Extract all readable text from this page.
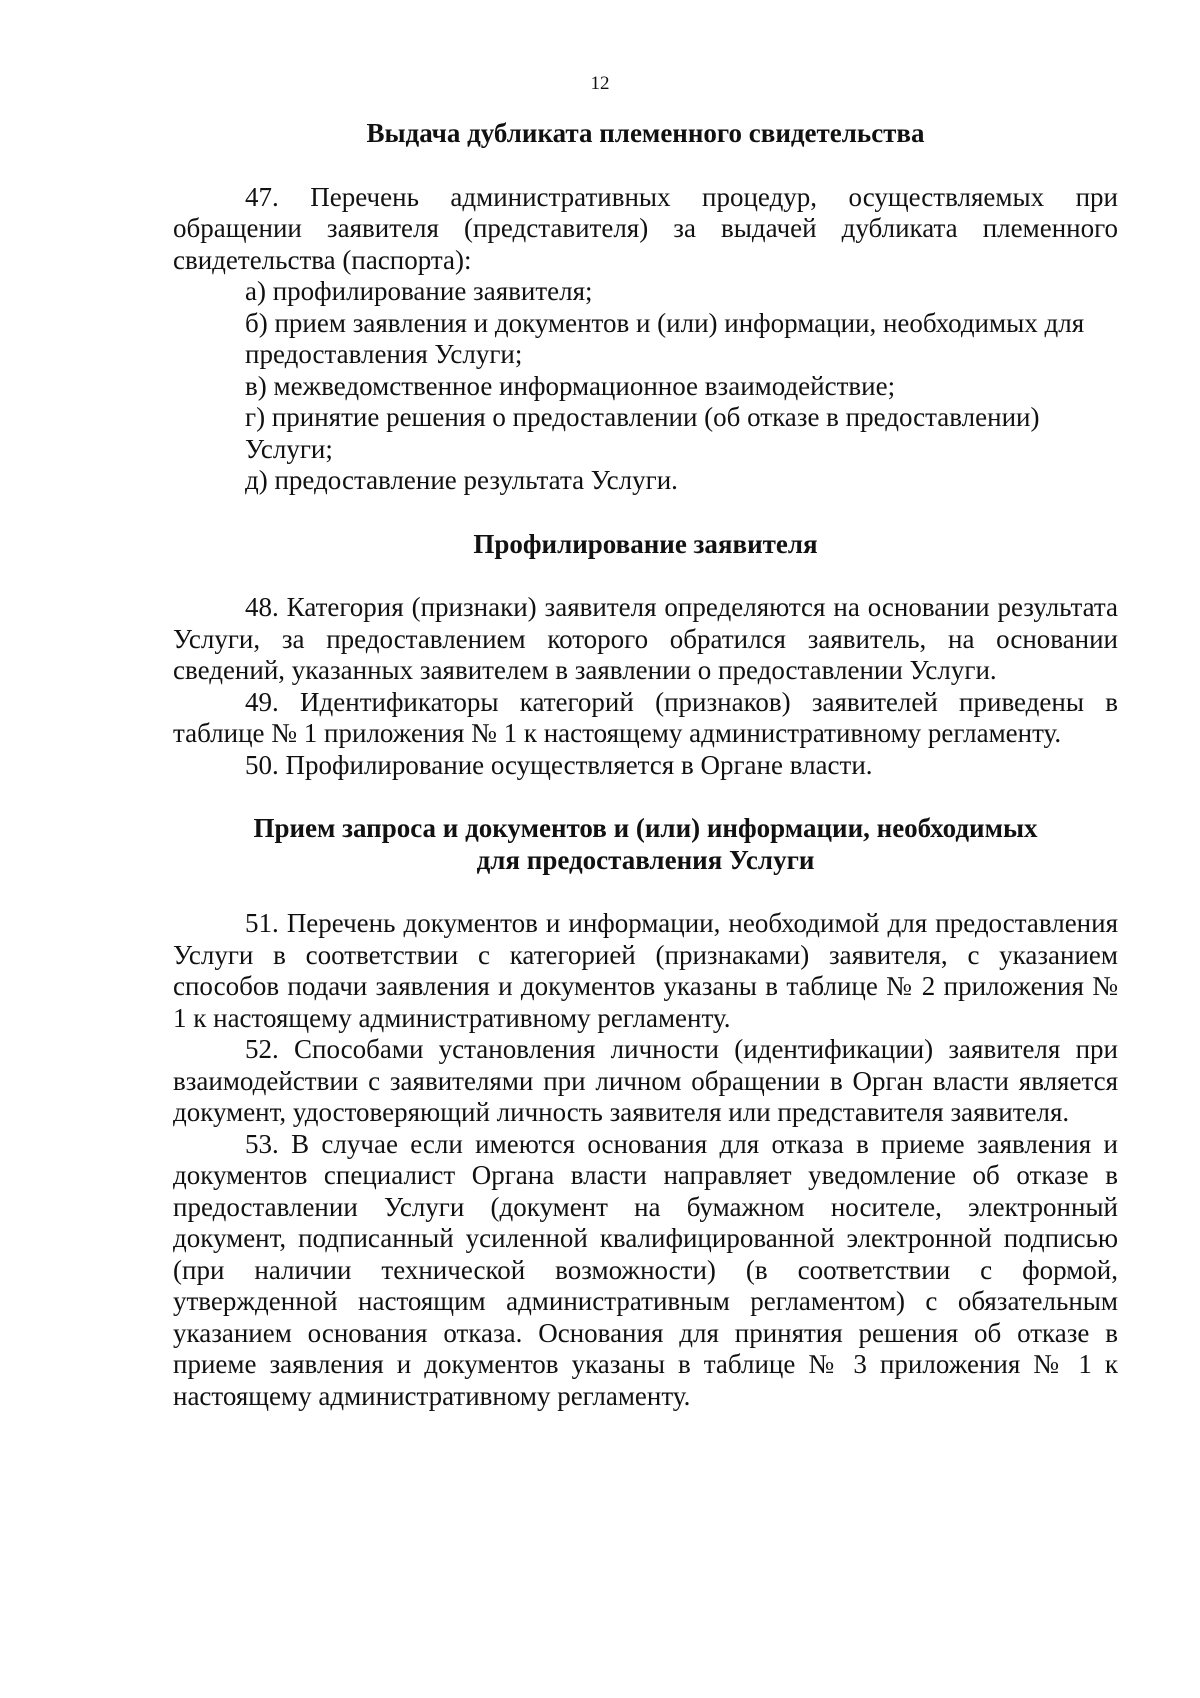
12

Выдача дубликата племенного свидетельства

47. Перечень административных процедур, осуществляемых при обращении заявителя (представителя) за выдачей дубликата племенного свидетельства (паспорта):

а) профилирование заявителя;

б) прием заявления и документов и (или) информации, необходимых для предоставления Услуги;

в) межведомственное информационное взаимодействие;

г) принятие решения о предоставлении (об отказе в предоставлении) Услуги;

д) предоставление результата Услуги.

Профилирование заявителя

48. Категория (признаки) заявителя определяются на основании результата Услуги, за предоставлением которого обратился заявитель, на основании сведений, указанных заявителем в заявлении о предоставлении Услуги.

49. Идентификаторы категорий (признаков) заявителей приведены в таблице № 1 приложения № 1 к настоящему административному регламенту.

50. Профилирование осуществляется в Органе власти.

Прием запроса и документов и (или) информации, необходимых
для предоставления Услуги

51. Перечень документов и информации, необходимой для предоставления Услуги в соответствии с категорией (признаками) заявителя, с указанием способов подачи заявления и документов указаны в таблице № 2 приложения № 1 к настоящему административному регламенту.

52. Способами установления личности (идентификации) заявителя при взаимодействии с заявителями при личном обращении в Орган власти является документ, удостоверяющий личность заявителя или представителя заявителя.

53. В случае если имеются основания для отказа в приеме заявления и документов специалист Органа власти направляет уведомление об отказе в предоставлении Услуги (документ на бумажном носителе, электронный документ, подписанный усиленной квалифицированной электронной подписью (при наличии технической возможности) (в соответствии с формой, утвержденной настоящим административным регламентом) с обязательным указанием основания отказа. Основания для принятия решения об отказе в приеме заявления и документов указаны в таблице № 3 приложения № 1 к настоящему административному регламенту.
